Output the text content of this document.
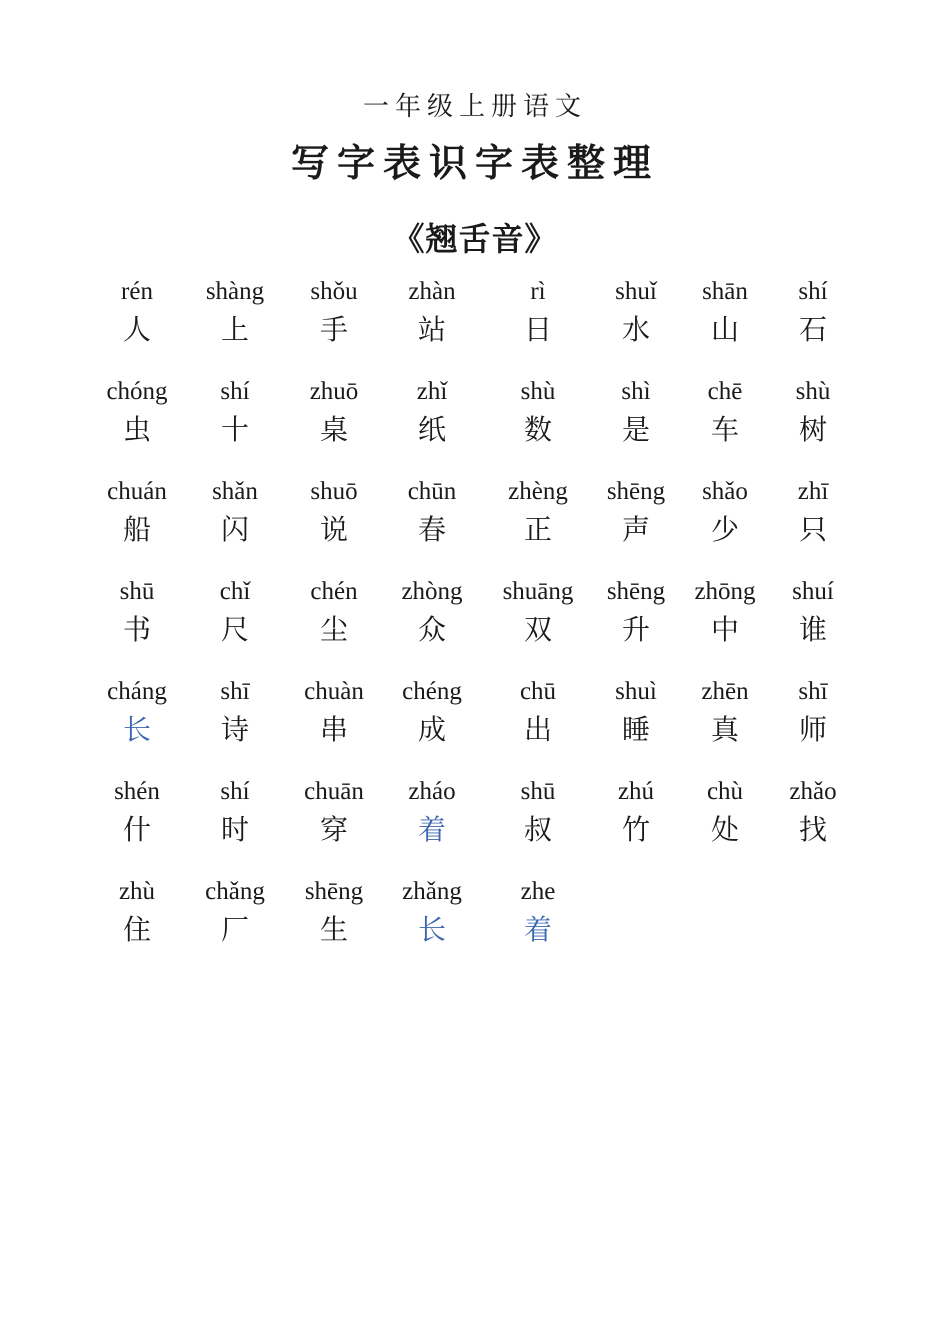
一年级上册语文
写字表识字表整理
《翘舌音》
rén
人
shàng
上
shǒu
手
zhàn
站
rì
日
shuǐ
水
shān
山
shí
石
chóng
虫
shí
十
zhuō
桌
zhǐ
纸
shù
数
shì
是
chē
车
shù
树
chuán
船
shǎn
闪
shuō
说
chūn
春
zhèng
正
shēng
声
shǎo
少
zhī
只
shū
书
chǐ
尺
chén
尘
zhòng
众
shuāng
双
shēng
升
zhōng
中
shuí
谁
cháng
长
shī
诗
chuàn
串
chéng
成
chū
出
shuì
睡
zhēn
真
shī
师
shén
什
shí
时
chuān
穿
zháo
着
shū
叔
zhú
竹
chù
处
zhǎo
找
zhù
住
chǎng
厂
shēng
生
zhǎng
长
zhe
着
